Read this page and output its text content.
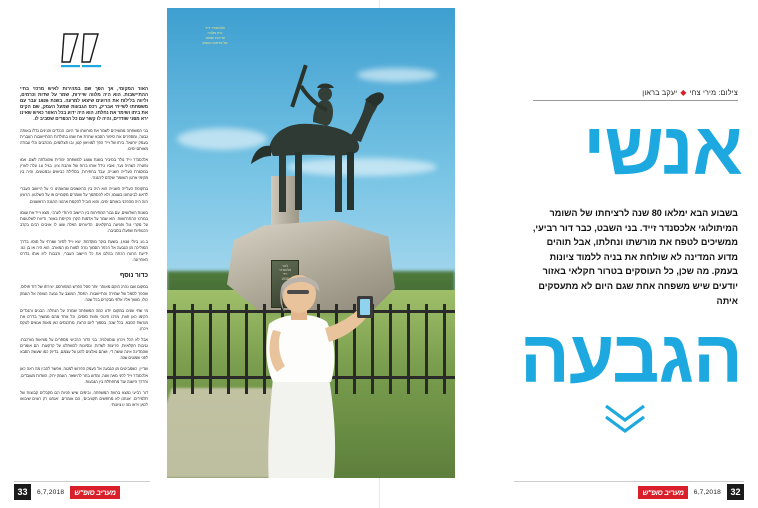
האור המקומי, אך הפך שם במהירות לאיש מרכזי בחיי ההתיישבות. הוא היה מלווה שיירות, שמר על שדות וכרמים, וליווה בלילות את הרועים שיצאו למרעה. בשנת 1926 עבר עם משפחתו לשייח' אבריק, רכס הגבעות שמעל העמק, שם הקים את ביתו ושימר את נחלתו. הוא היה ידוע בכל האזור כאיש שאינו ירא מפני שודדים, והיה לו קשר עם כל הכפרים שסביב לו.

בני המשפחה ממשיכים לשמר את מורשתו עד היום. הנכדים והנינים גדלו באותה גבעה, ומספרים את סיפור הסבא שחרת את שמו בתולדות ההתיישבות העברית בעמק יזרעאל. ביתו של זייד הפך למוזיאון קטן, ובו תצלומים, מכתבים וכלי עבודה מאותם ימים.

אלכסנדר זייד נולד בסיביר בשנת 1886 למשפחה יהודית שהוגלתה לשם. אמו נפטרה כשהיה נער, ואביו גידל אותו ברוח של אהבת ציון. בגיל 18 עלה לארץ במסגרת העלייה השנייה, עבד בחפירות, בסלילת כבישים ובמטעים, והיה בין מקימי ארגון 'השומר' שקדם ל'הגנה'.

בתקופת העלייה השנייה הוא היה בין הראשונים שהאמינו כי על היישוב העברי לדאוג לביטחונו בעצמו, ולא להסתמך על שומרים מקומיים או על השלטון. הרעיון הזה היה מהפכני באותם ימים, והוא הוביל להקמת ארגוני ההגנה הראשונים.

בשנות השלושים, עם גבור המתיחות בין היישוב היהודי לערבי, מצא זייד את עצמו במרכז ההתרחשות. הוא שמר על אדמות הקרן הקיימת באזור, ודיווח לשלטונות על מקרי גזל ופגיעה בחקלאים. הדיווחים האלה עשו לו אויבים רבים בקרב הכנופיות שפעלו בסביבה.

ב-10 ביולי 1938, בשעת בוקר מוקדמת, יצא זייד לסיור שגרתי על סוסו. בדרך המוליכה מן הגבעה אל הכפר הסמוך נורה למוות מן המארב. הוא היה אז בן 52. ידיעת הרצח הכתה בהלם את כל היישוב העברי, ורבבות ליוו אותו בדרכו האחרונה.

כדור נוסף

במקום שבו נהרג הוקם מאוחר יותר פסל הפרש המפורסם, יצירתו של דוד פולוס, שהפך לסמל של שמירה והתיישבות. הפסל, המוצב על גבעה הצופה אל העמק כולו, מושך אליו אלפי מבקרים בכל שנה.

מי שחי שנים במקום יודע כמה המשפחה שמרה על הנחלה. הבנים והנכדים הקימו כאן חוות, מרכז חינוכי וחוות סוסים, וכל אחד מהם ממשיך בדרכו את מורשת הסבא. בכל שנה, בסמוך ליום הרצח, מתכנסים כאן מאות אנשים לטקס זיכרון.

אבל לא הכל זיכרון ונוסטלגיה. בני הדור הרביעי מספרים על מציאות מורכבת: גניבות חקלאיות, פריצות לשדות, ונסיונות להשתלט על קרקעות. הם אומרים שהמדינה אינה עושה די, ושהם נאלצים להגן על עצמם, בדיוק כמו שעשה הסבא לפני שמונים שנה.

ועדיין, כשמביטים מן הגבעה אל העמק הפרוש למטה, אפשר להבין מה ראה כאן אלכסנדר זייד לפני מאה שנה, ומדוע בחר להישאר. העמק ירוק, השדות מעובדים, והדרך הישנה עוד מתפתלת בין הגבעות.

דור רביעי נמצא בחוות המשפחה, ובימים שיש פניות הם מקבלים קבוצות של תלמידים. 'אנחנו לא מחפשים תקציבים', הם אומרים. 'אנחנו רק רוצים שיבואו לכאן ויראו מה זו ציונות'.

33	6,7,2018	מעריב סופ"ש
צילום: מירי צחי◆יעקב בראון
אנשי
בשבוע הבא ימלאו 80 שנה לרציחתו של השומר המיתולוגי אלכסנדר זייד. בני השבט, כבר דור רביעי, ממשיכים לטפח את מורשתו ונחלתו, אבל תוהים מדוע המדינה לא שולחת את בניה ללמוד ציונות בעמק. מה שכן, כל העוסקים בטרור חקלאי באזור יודעים שיש משפחה אחת שגם היום לא מתעסקים איתה
הגבעה
32
6,7,2018
מעריב סופ"ש
לזכר
אלכסנדר
זייד
1938
אלכסנדר זייד
היה מלווה
שיירות ושומר
על אדמות העמק
